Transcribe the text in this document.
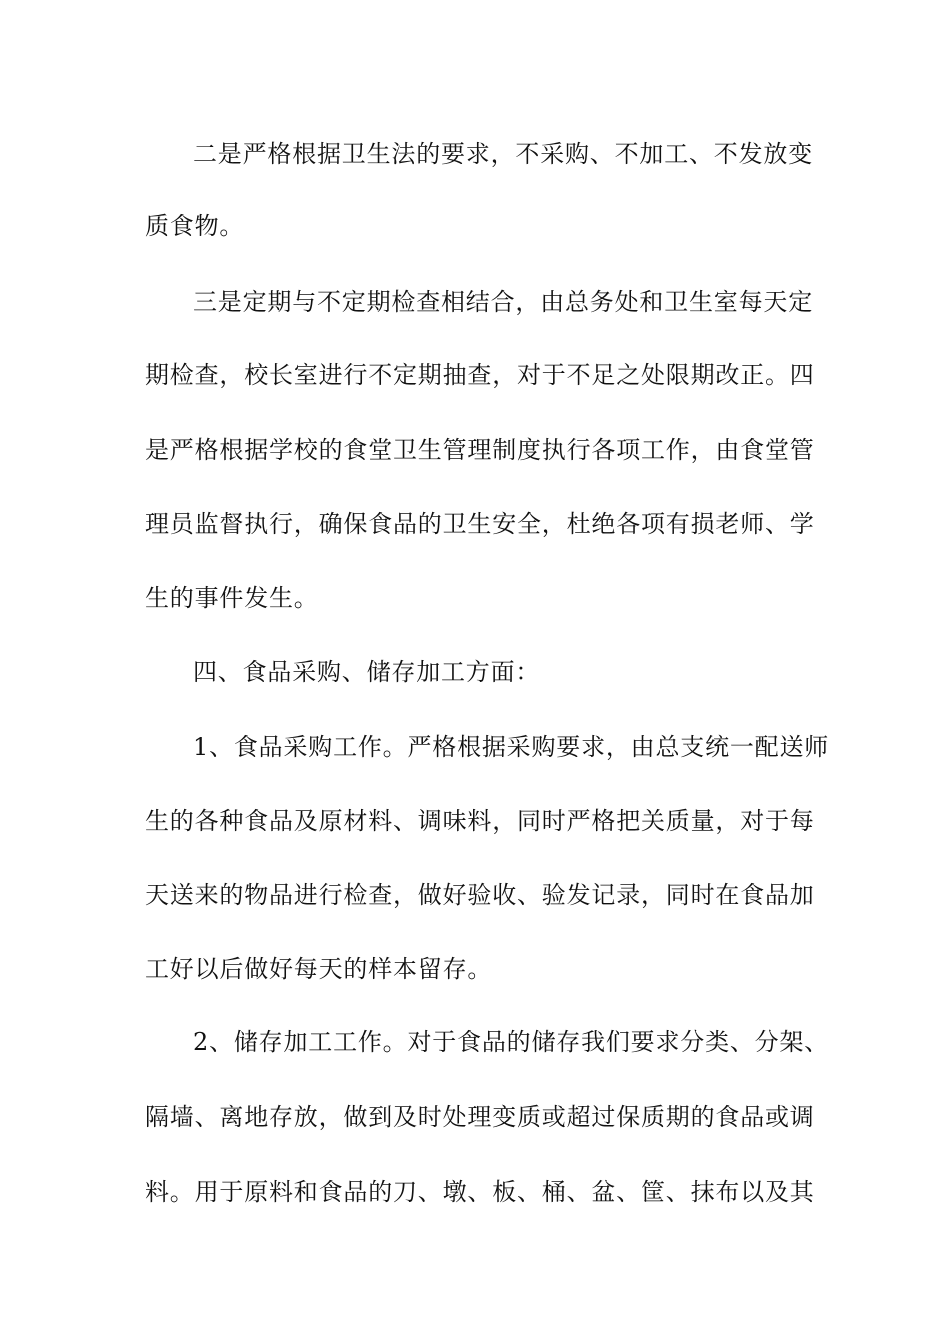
二是严格根据卫生法的要求，不采购、不加工、不发放变
质食物。
三是定期与不定期检查相结合，由总务处和卫生室每天定
期检查，校长室进行不定期抽查，对于不足之处限期改正。四
是严格根据学校的食堂卫生管理制度执行各项工作，由食堂管
理员监督执行，确保食品的卫生安全，杜绝各项有损老师、学
生的事件发生。
四、食品采购、储存加工方面：
1、食品采购工作。严格根据采购要求，由总支统一配送师
生的各种食品及原材料、调味料，同时严格把关质量，对于每
天送来的物品进行检查，做好验收、验发记录，同时在食品加
工好以后做好每天的样本留存。
2、储存加工工作。对于食品的储存我们要求分类、分架、
隔墙、离地存放，做到及时处理变质或超过保质期的食品或调
料。用于原料和食品的刀、墩、板、桶、盆、筐、抹布以及其
